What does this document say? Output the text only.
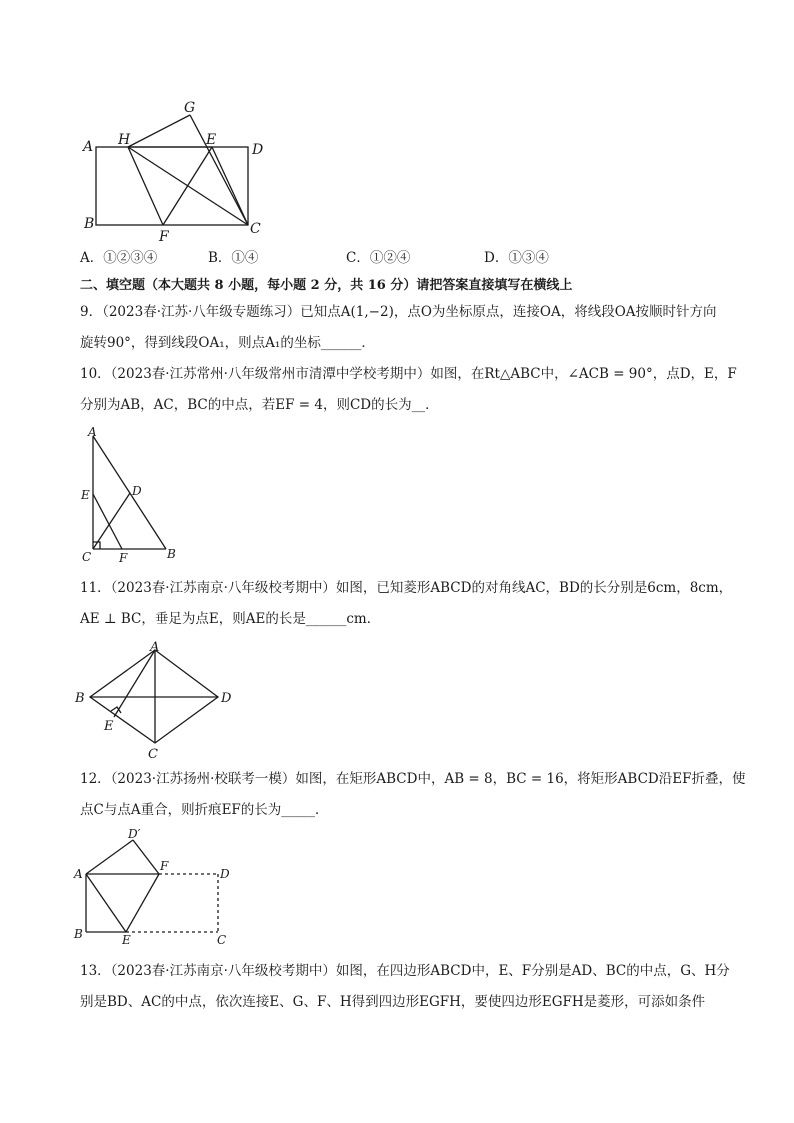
G
A H	E
D
B
F	C
A．①②③④	B．①④	C．①②④	D．①③④
二、填空题（本大题共 8 小题，每小题 2 分，共 16 分）请把答案直接填写在横线上
9．（2023春·江苏·八年级专题练习）已知点A(1,−2)，点O为坐标原点，连接OA，将线段OA按顺时针方向
旋转90°，得到线段OA₁，则点A₁的坐标______．
10．（2023春·江苏常州·八年级常州市清潭中学校考期中）如图，在Rt△ABC中，∠ACB = 90°，点D，E，F
分别为AB，AC，BC的中点，若EF = 4，则CD的长为__．
A
E	D
C F	B
11．（2023春·江苏南京·八年级校考期中）如图，已知菱形ABCD的对角线AC，BD的长分别是6cm，8cm，
AE ⊥ BC，垂足为点E，则AE的长是______cm．
A
B	D
E
C
12．（2023·江苏扬州·校联考一模）如图，在矩形ABCD中，AB = 8，BC = 16，将矩形ABCD沿EF折叠，使
点C与点A重合，则折痕EF的长为_____．
D′
F
A	D
B	E	C
13．（2023春·江苏南京·八年级校考期中）如图，在四边形ABCD中，E、F分别是AD、BC的中点，G、H分
别是BD、AC的中点，依次连接E、G、F、H得到四边形EGFH，要使四边形EGFH是菱形，可添如条件
